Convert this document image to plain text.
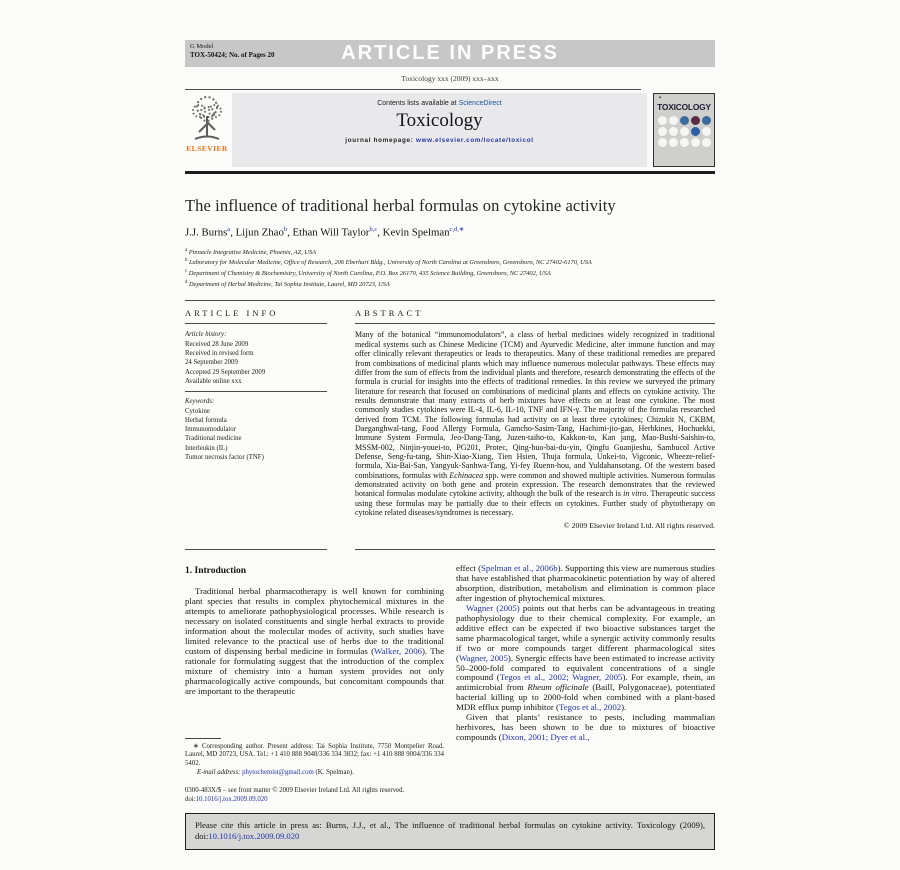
G Model
TOX-50424; No. of Pages 20	ARTICLE IN PRESS
Toxicology xxx (2009) xxx–xxx
ELSEVIER
Contents lists available at ScienceDirect
Toxicology
journal homepage: www.elsevier.com/locate/toxicol
✦
TOXICOLOGY
The influence of traditional herbal formulas on cytokine activity
J.J. Burns$^a$, Lijun Zhao$^b$, Ethan Will Taylor$^{b,c}$, Kevin Spelman$^{c,d,∗}$
$^a$ Pinnacle Integrative Medicine, Phoenix, AZ, USA
$^b$ Laboratory for Molecular Medicine, Office of Research, 206 Eberhart Bldg., University of North Carolina at Greensboro, Greensboro, NC 27402-6170, USA
$^c$ Department of Chemistry & Biochemistry, University of North Carolina, P.O. Box 26170, 435 Science Building, Greensboro, NC 27402, USA
$^d$ Department of Herbal Medicine, Tai Sophia Institute, Laurel, MD 20723, USA
ARTICLE INFO
Article history:
Received 28 June 2009
Received in revised form
24 September 2009
Accepted 29 September 2009
Available online xxx
Keywords:
Cytokine
Herbal formula
Immunomodulator
Traditional medicine
Interleukin (IL)
Tumor necrosis factor (TNF)
ABSTRACT
Many of the botanical “immunomodulators”, a class of herbal medicines widely recognized in traditional medical systems such as Chinese Medicine (TCM) and Ayurvedic Medicine, alter immune function and may offer clinically relevant therapeutics or leads to therapeutics. Many of these traditional remedies are prepared from combinations of medicinal plants which may influence numerous molecular pathways. These effects may differ from the sum of effects from the individual plants and therefore, research demonstrating the effects of the formula is crucial for insights into the effects of traditional remedies. In this review we surveyed the primary literature for research that focused on combinations of medicinal plants and effects on cytokine activity. The results demonstrate that many extracts of herb mixtures have effects on at least one cytokine. The most commonly studies cytokines were IL-4, IL-6, IL-10, TNF and IFN-γ. The majority of the formulas researched derived from TCM. The following formulas had activity on at least three cytokines; Chizukit N, CKBM, Daeganghwal-tang, Food Allergy Formula, Gamcho-Sasim-Tang, Hachimi-jio-gan, Herbkines, Hochuekki, Immune System Formula, Jeo-Dang-Tang, Juzen-taiho-to, Kakkon-to, Kan jang, Mao-Bushi-Saishin-to, MSSM-002, Ninjin-youei-to, PG201, Protec, Qing-huo-bai-du-yin, Qingfu Guanjieshu, Sambucol Active Defense, Seng-fu-tang, Shin-Xiao-Xiang, Tien Hsien, Thuja formula, Unkei-to, Vigconic, Wheeze-relief-formula, Xia-Bai-San, Yangyuk-Sanhwa-Tang, Yi-fey Ruenn-hou, and Yuldahansotang. Of the western based combinations, formulas with Echinacea spp. were common and showed multiple activities. Numerous formulas demonstrated activity on both gene and protein expression. The research demonstrates that the reviewed botanical formulas modulate cytokine activity, although the bulk of the research is in vitro. Therapeutic success using these formulas may be partially due to their effects on cytokines. Further study of phytotherapy on cytokine related diseases/syndromes is necessary.
© 2009 Elsevier Ireland Ltd. All rights reserved.
1. Introduction

Traditional herbal pharmacotherapy is well known for combining plant species that results in complex phytochemical mixtures in the attempts to ameliorate pathophysiological processes. While research is necessary on isolated constituents and single herbal extracts to provide information about the molecular modes of activity, such studies have limited relevance to the practical use of herbs due to the traditional custom of dispensing herbal medicine in formulas (Walker, 2006). The rationale for formulating suggest that the introduction of the complex mixture of chemistry into a human system provides not only pharmacologically active compounds, but concomitant compounds that are important to the therapeutic

∗ Corresponding author. Present address: Tai Sophia Institute, 7750 Montpelier Road, Laurel, MD 20723, USA. Tel.: +1 410 888 9048/336 334 3832; fax: +1 410 888 9004/336 334 5402.

E-mail address: phytochemist@gmail.com (K. Spelman).

0300-483X/$ – see front matter © 2009 Elsevier Ireland Ltd. All rights reserved.
doi:10.1016/j.tox.2009.09.020

effect (Spelman et al., 2006b). Supporting this view are numerous studies that have established that pharmacokinetic potentiation by way of altered absorption, distribution, metabolism and elimination is common place after ingestion of phytochemical mixtures.

Wagner (2005) points out that herbs can be advantageous in treating pathophysiology due to their chemical complexity. For example, an additive effect can be expected if two bioactive substances target the same pharmacological target, while a synergic activity commonly results if two or more compounds target different pharmacological sites (Wagner, 2005). Synergic effects have been estimated to increase activity 50–2000-fold compared to equivalent concentrations of a single compound (Tegos et al., 2002; Wagner, 2005). For example, rhein, an antimicrobial from Rheum officinale (Baill, Polygonaceae), potentiated bacterial killing up to 2000-fold when combined with a plant-based MDR efflux pump inhibitor (Tegos et al., 2002).

Given that plants’ resistance to pests, including mammalian herbivores, has been shown to be due to mixtures of bioactive compounds (Dixon, 2001; Dyer et al.,

Please cite this article in press as: Burns, J.J., et al., The influence of traditional herbal formulas on cytokine activity. Toxicology (2009), doi:10.1016/j.tox.2009.09.020
